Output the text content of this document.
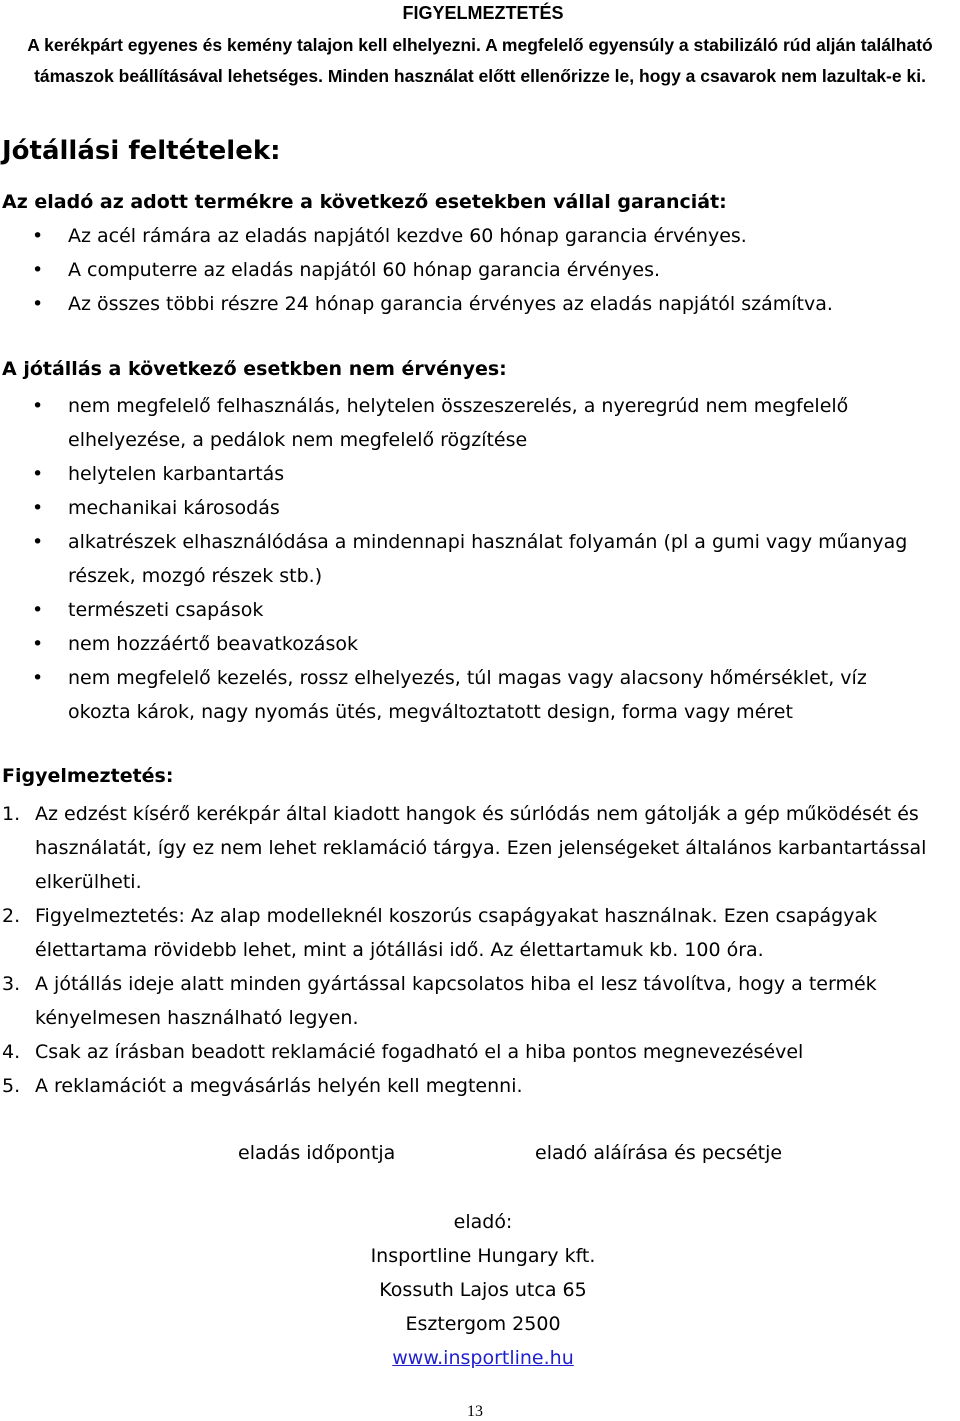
FIGYELMEZTETÉS
A kerékpárt egyenes és kemény talajon kell elhelyezni. A megfelelő egyensúly a stabilizáló rúd alján található támaszok beállításával lehetséges. Minden használat előtt ellenőrizze le, hogy a csavarok nem lazultak-e ki.
Jótállási feltételek:
Az eladó az adott termékre a következő esetekben vállal garanciát:
• Az acél rámára az eladás napjától kezdve 60 hónap garancia érvényes.
• A computerre az eladás napjától 60 hónap garancia érvényes.
• Az összes többi részre 24 hónap garancia érvényes az eladás napjától számítva.
A jótállás a következő esetkben nem érvényes:
• nem megfelelő felhasználás, helytelen összeszerelés, a nyeregrúd nem megfelelő elhelyezése, a pedálok nem megfelelő rögzítése
• helytelen karbantartás
• mechanikai károsodás
• alkatrészek elhasználódása a mindennapi használat folyamán (pl a gumi vagy műanyag részek, mozgó részek stb.)
• természeti csapások
• nem hozzáértő beavatkozások
• nem megfelelő kezelés, rossz elhelyezés, túl magas vagy alacsony hőmérséklet, víz okozta károk, nagy nyomás ütés, megváltoztatott design, forma vagy méret
Figyelmeztetés:
1. Az edzést kísérő kerékpár által kiadott hangok és súrlódás nem gátolják a gép működését és használatát, így ez nem lehet reklamáció tárgya. Ezen jelenségeket általános karbantartással elkerülheti.
2. Figyelmeztetés: Az alap modelleknél koszorús csapágyakat használnak. Ezen csapágyak élettartama rövidebb lehet, mint a jótállási idő. Az élettartamuk kb. 100 óra.
3. A jótállás ideje alatt minden gyártással kapcsolatos hiba el lesz távolítva, hogy a termék kényelmesen használható legyen.
4. Csak az írásban beadott reklamácié fogadható el a hiba pontos megnevezésével
5. A reklamációt a megvásárlás helyén kell megtenni.
eladás időpontja	eladó aláírása és pecsétje
eladó:
Insportline Hungary kft.
Kossuth Lajos utca 65
Esztergom 2500
www.insportline.hu
13
